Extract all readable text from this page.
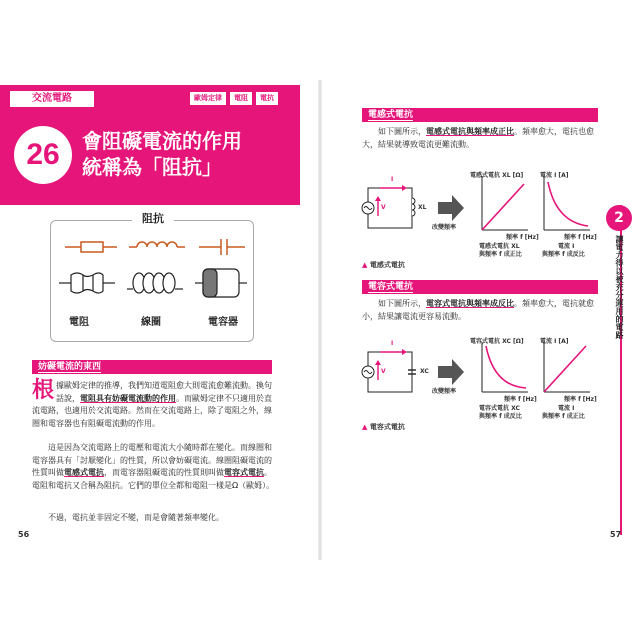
交流電路	歐姆定律	電阻	電抗
26	會阻礙電流的作用
統稱為「阻抗」
阻抗
電阻	線圈	電容器
妨礙電流的東西
根據歐姆定律的推導，我們知道電阻愈大則電流愈難流動。換句話說，電阻具有妨礙電流動的作用。而歐姆定律不只適用於直流電路，也適用於交流電路。然而在交流電路上，除了電阻之外，線圈和電容器也有阻礙電流動的作用。
這是因為交流電路上的電壓和電流大小隨時都在變化。而線圈和電容器具有「討厭變化」的性質，所以會妨礙電流。線圈阻礙電流的性質叫做電感式電抗，而電容器阻礙電流的性質則叫做電容式電抗。電阻和電抗又合稱為阻抗。它們的單位全都和電阻一樣是Ω（歐姆）。
不過，電抗並非固定不變，而是會隨著頻率變化。
56
電感式電抗
如下圖所示，電感式電抗與頻率成正比。頻率愈大，電抗也愈大，結果就導致電流更難流動。
I
V	XL
改變頻率
電感式電抗 XL [Ω]
頻率 f [Hz]
電感式電抗 XL
與頻率 f 成正比
電流 I [A]
頻率 f [Hz]
電流 I
與頻率 f 成反比
▲ 電感式電抗
電容式電抗
如下圖所示，電容式電抗與頻率成反比。頻率愈大，電抗就愈小，結果讓電流更容易流動。
I
V	XC
改變頻率
電容式電抗 XC [Ω]
頻率 f [Hz]
電容式電抗 XC
與頻率 f 成反比
電流 I [A]
頻率 f [Hz]
電流 I
與頻率 f 成正比
▲ 電容式電抗
2
讓電力得以被充分運用的電路
57
